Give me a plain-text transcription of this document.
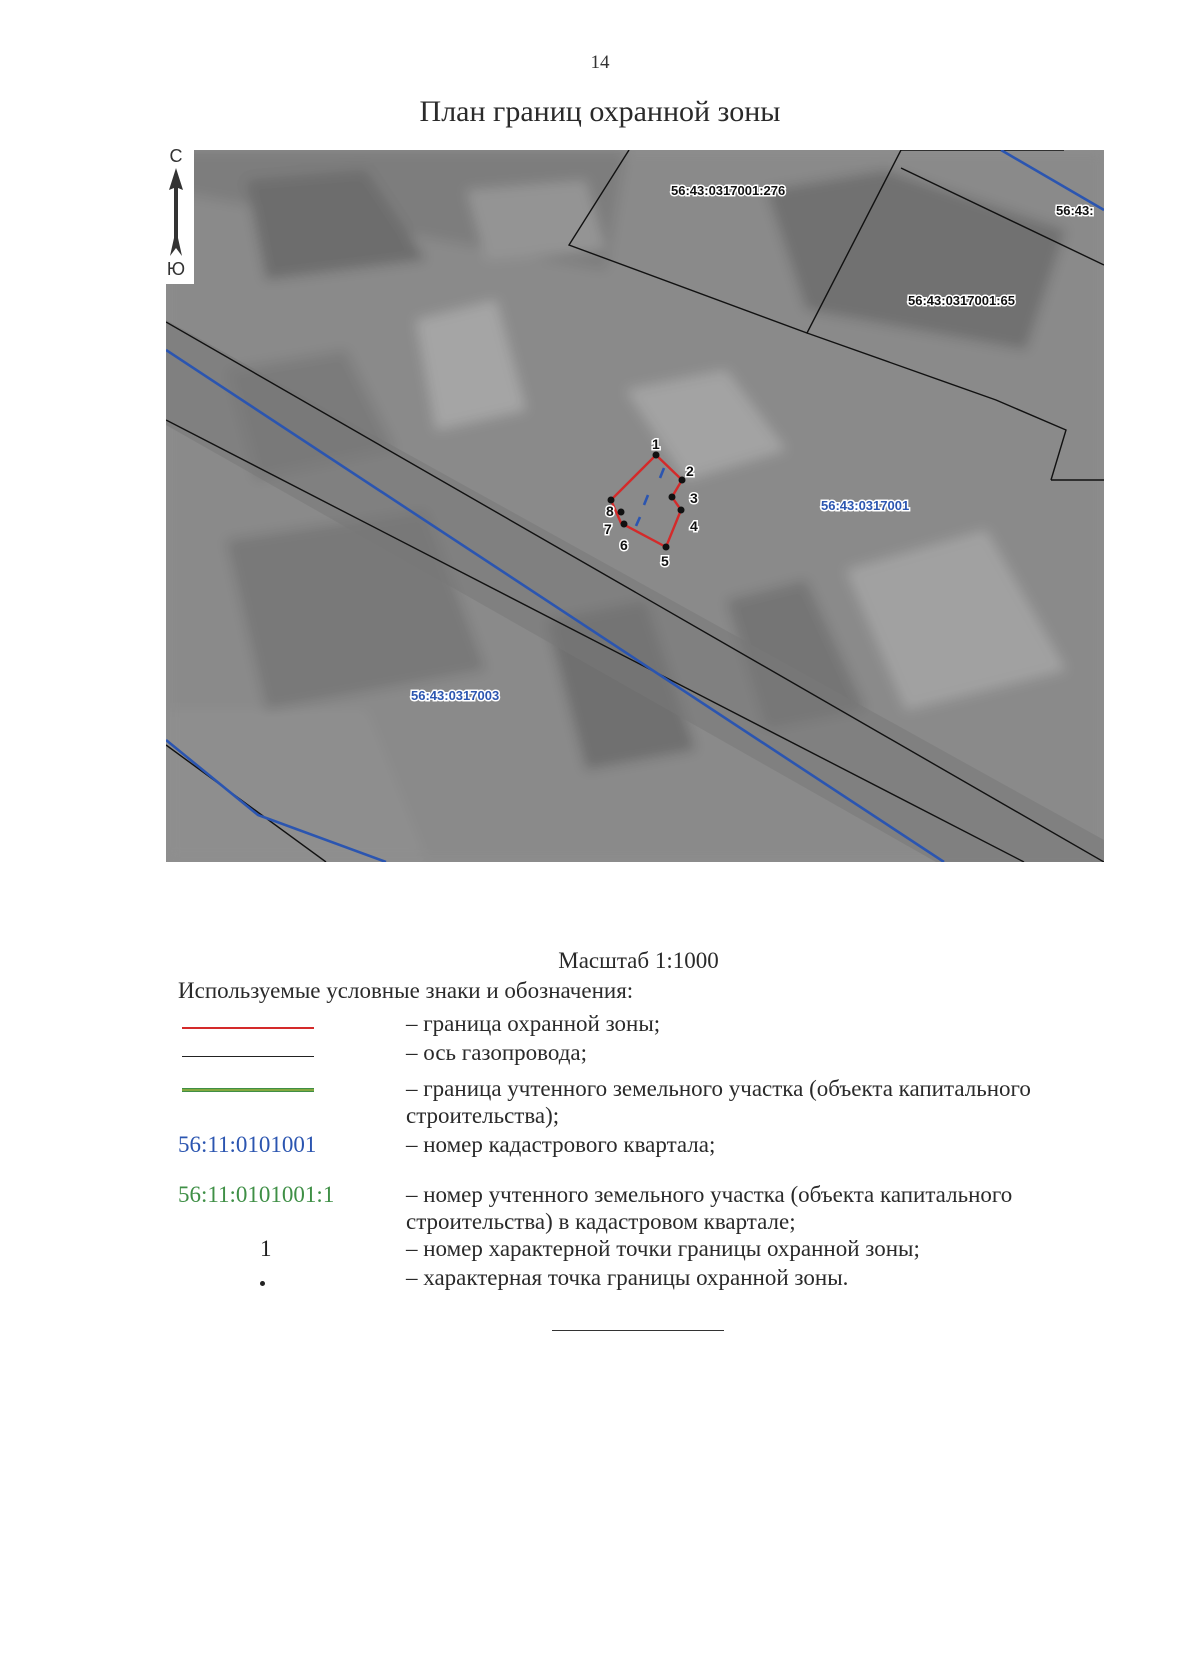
14
План границ охранной зоны
1
2
3
4
5
6
7
8
56:43:0317001:276
56:43:
56:43:0317001:65
56:43:0317001
56:43:0317003
С
Ю
Масштаб 1:1000
Используемые условные знаки и обозначения:
– граница охранной зоны;
– ось газопровода;
– граница учтенного земельного участка (объекта капитального строительства);
56:11:0101001	– номер кадастрового квартала;
56:11:0101001:1	– номер учтенного земельного участка (объекта капитального строительства) в кадастровом квартале;
1	– номер характерной точки границы охранной зоны;
– характерная точка границы охранной зоны.
